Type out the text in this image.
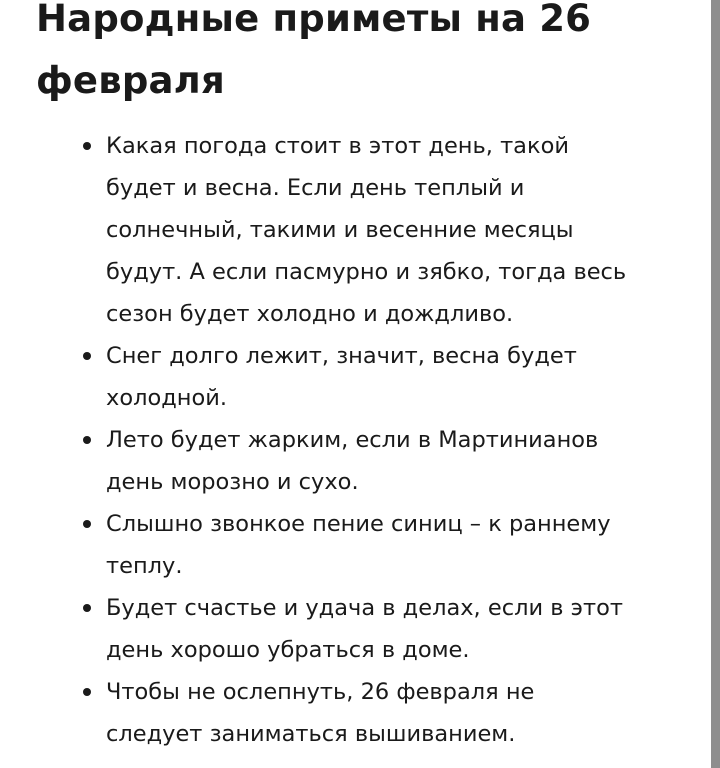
Народные приметы на 26
февраля
Какая погода стоит в этот день, такой
будет и весна. Если день теплый и
солнечный, такими и весенние месяцы
будут. А если пасмурно и зябко, тогда весь
сезон будет холодно и дождливо.
Снег долго лежит, значит, весна будет
холодной.
Лето будет жарким, если в Мартинианов
день морозно и сухо.
Слышно звонкое пение синиц – к раннему
теплу.
Будет счастье и удача в делах, если в этот
день хорошо убраться в доме.
Чтобы не ослепнуть, 26 февраля не
следует заниматься вышиванием.
